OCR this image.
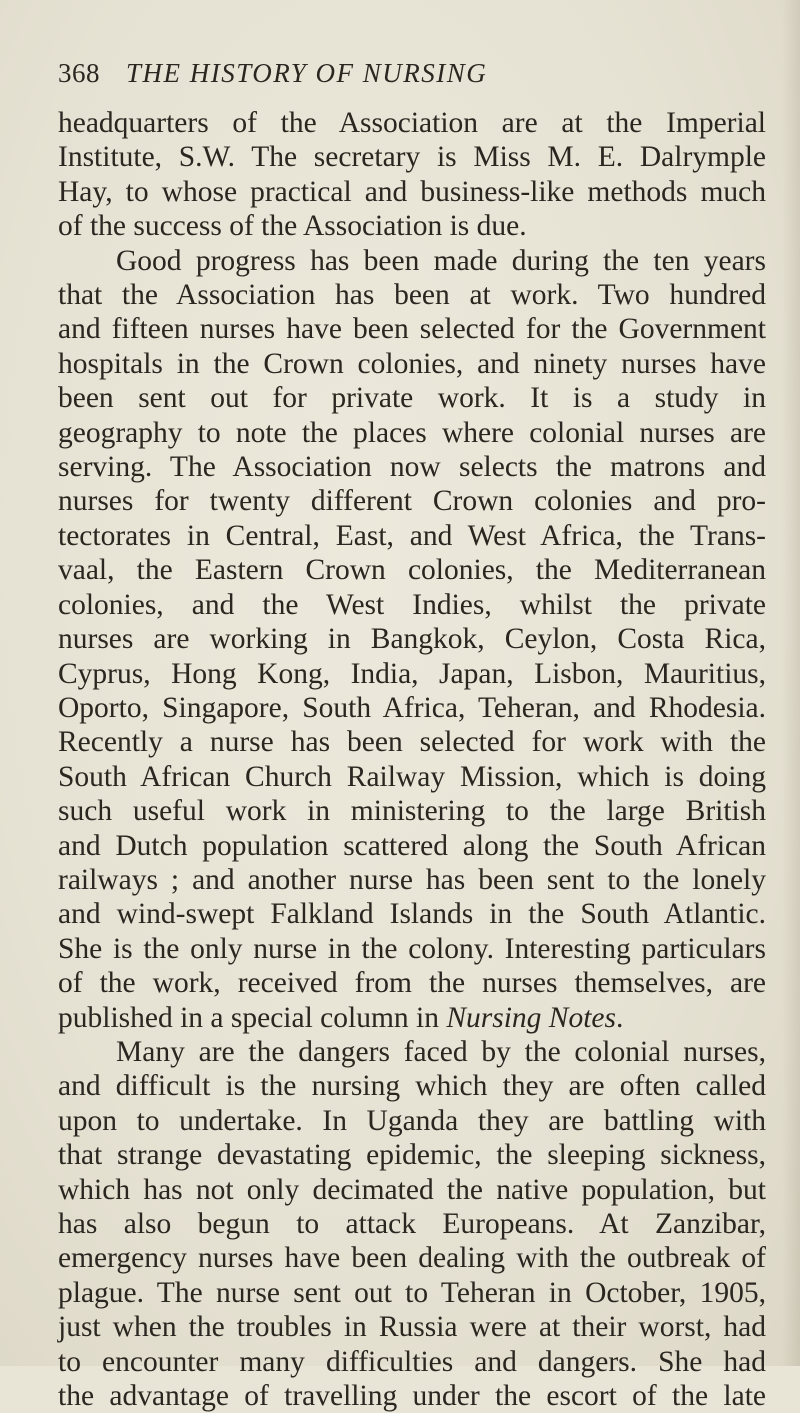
368 THE HISTORY OF NURSING
headquarters of the Association are at the Imperial
Institute, S.W. The secretary is Miss M. E. Dalrymple
Hay, to whose practical and business-like methods much
of the success of the Association is due.
Good progress has been made during the ten years
that the Association has been at work. Two hundred
and fifteen nurses have been selected for the Government
hospitals in the Crown colonies, and ninety nurses have
been sent out for private work. It is a study in
geography to note the places where colonial nurses are
serving. The Association now selects the matrons and
nurses for twenty different Crown colonies and pro-
tectorates in Central, East, and West Africa, the Trans-
vaal, the Eastern Crown colonies, the Mediterranean
colonies, and the West Indies, whilst the private
nurses are working in Bangkok, Ceylon, Costa Rica,
Cyprus, Hong Kong, India, Japan, Lisbon, Mauritius,
Oporto, Singapore, South Africa, Teheran, and Rhodesia.
Recently a nurse has been selected for work with the
South African Church Railway Mission, which is doing
such useful work in ministering to the large British
and Dutch population scattered along the South African
railways ; and another nurse has been sent to the lonely
and wind-swept Falkland Islands in the South Atlantic.
She is the only nurse in the colony. Interesting particulars
of the work, received from the nurses themselves, are
published in a special column in Nursing Notes.
Many are the dangers faced by the colonial nurses,
and difficult is the nursing which they are often called
upon to undertake. In Uganda they are battling with
that strange devastating epidemic, the sleeping sickness,
which has not only decimated the native population, but
has also begun to attack Europeans. At Zanzibar,
emergency nurses have been dealing with the outbreak of
plague. The nurse sent out to Teheran in October, 1905,
just when the troubles in Russia were at their worst, had
to encounter many difficulties and dangers. She had
the advantage of travelling under the escort of the late
